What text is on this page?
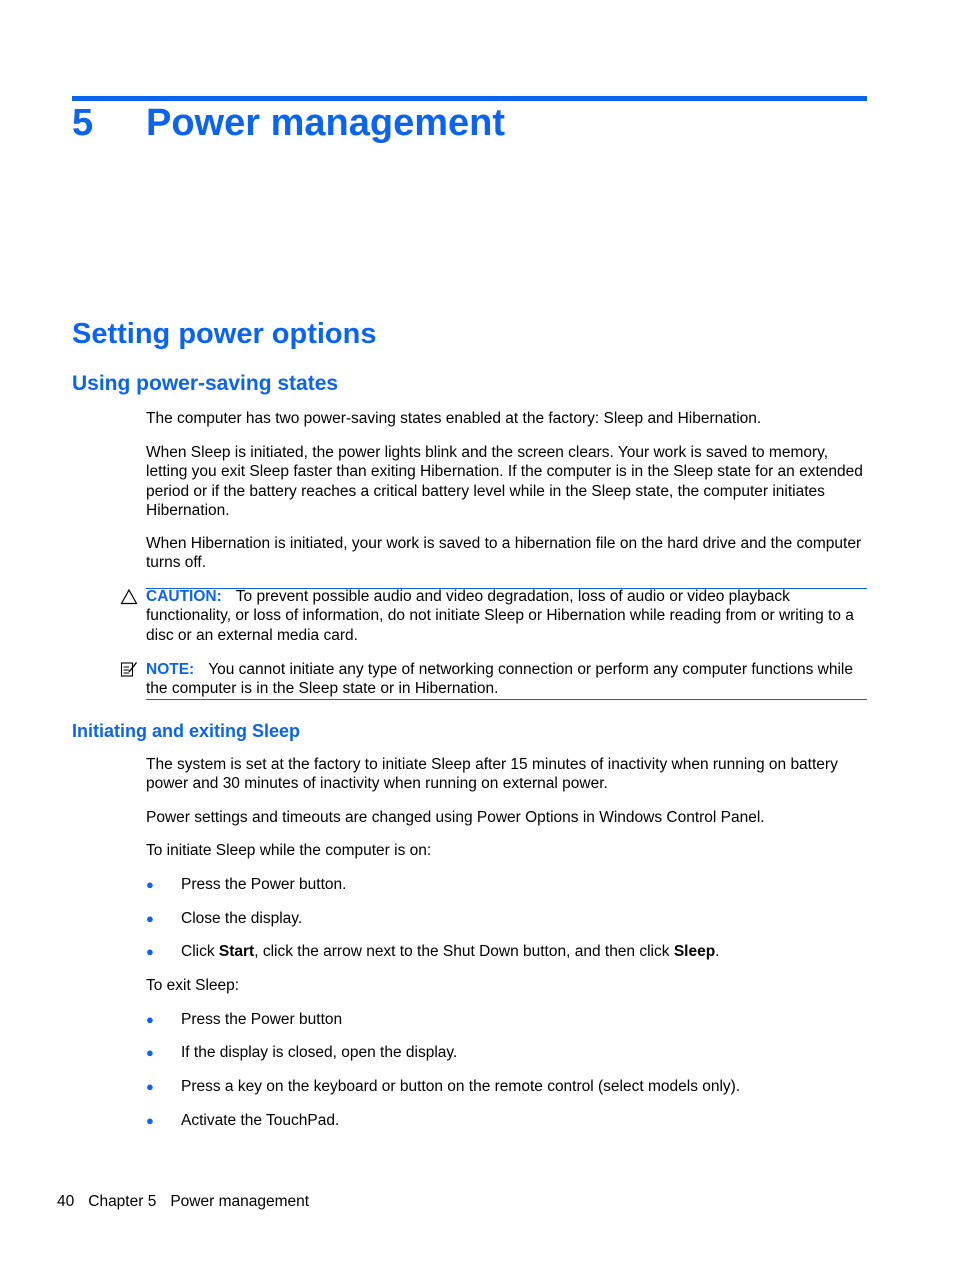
5 Power management
Setting power options
Using power-saving states

The computer has two power-saving states enabled at the factory: Sleep and Hibernation.

When Sleep is initiated, the power lights blink and the screen clears. Your work is saved to memory, letting you exit Sleep faster than exiting Hibernation. If the computer is in the Sleep state for an extended period or if the battery reaches a critical battery level while in the Sleep state, the computer initiates Hibernation.

When Hibernation is initiated, your work is saved to a hibernation file on the hard drive and the computer turns off.

CAUTION: To prevent possible audio and video degradation, loss of audio or video playback functionality, or loss of information, do not initiate Sleep or Hibernation while reading from or writing to a disc or an external media card.
NOTE: You cannot initiate any type of networking connection or perform any computer functions while the computer is in the Sleep state or in Hibernation.
Initiating and exiting Sleep

The system is set at the factory to initiate Sleep after 15 minutes of inactivity when running on battery power and 30 minutes of inactivity when running on external power.

Power settings and timeouts are changed using Power Options in Windows Control Panel.

To initiate Sleep while the computer is on:

● Press the Power button.
● Close the display.
● Click Start, click the arrow next to the Shut Down button, and then click Sleep.

To exit Sleep:

● Press the Power button
● If the display is closed, open the display.
● Press a key on the keyboard or button on the remote control (select models only).
● Activate the TouchPad.
40 Chapter 5 Power management
